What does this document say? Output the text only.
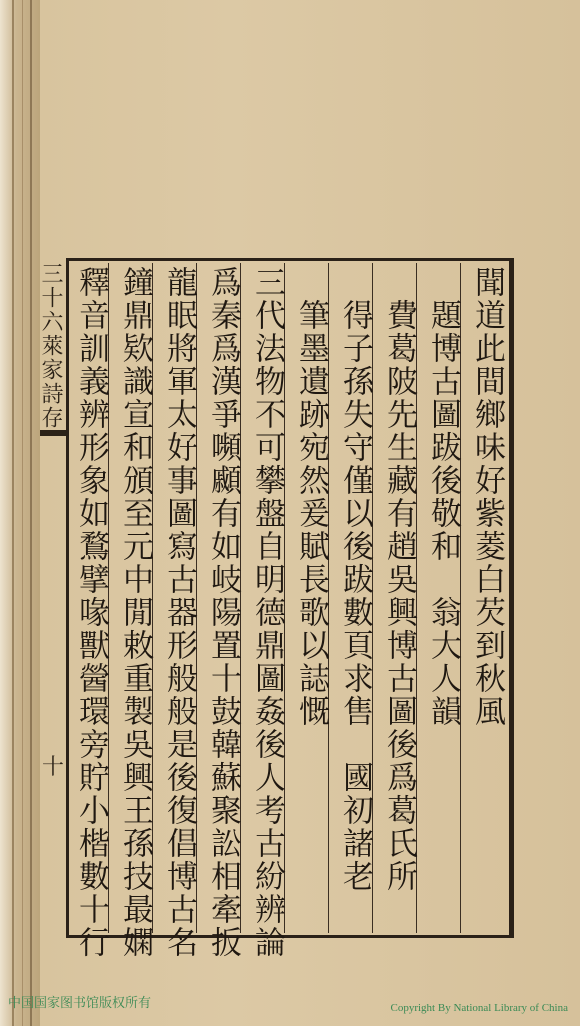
三十六萊家詩存
十
聞道此間鄉味好紫菱白芡到秋風
　題博古圖跋後敬和　翁大人韻
　費葛陂先生藏有趙吳興博古圖後爲葛氏所
　得子孫失守僅以後跋數頁求售　國初諸老
　筆墨遺跡宛然爰賦長歌以誌慨
三代法物不可攀盤自明德鼎圖姦後人考古紛辨論
爲秦爲漢爭嚬顣有如岐陽置十鼓韓蘇聚訟相牽扳
龍眠將軍太好事圖寫古器形般般是後復倡博古名
鐘鼎欵識宣和頒至元中閒敕重製吳興王孫技最嫻
釋音訓義辨形象如鶩擘喙獸醟環旁貯小楷數十行
中国国家图书馆版权所有	Copyright By National Library of China
